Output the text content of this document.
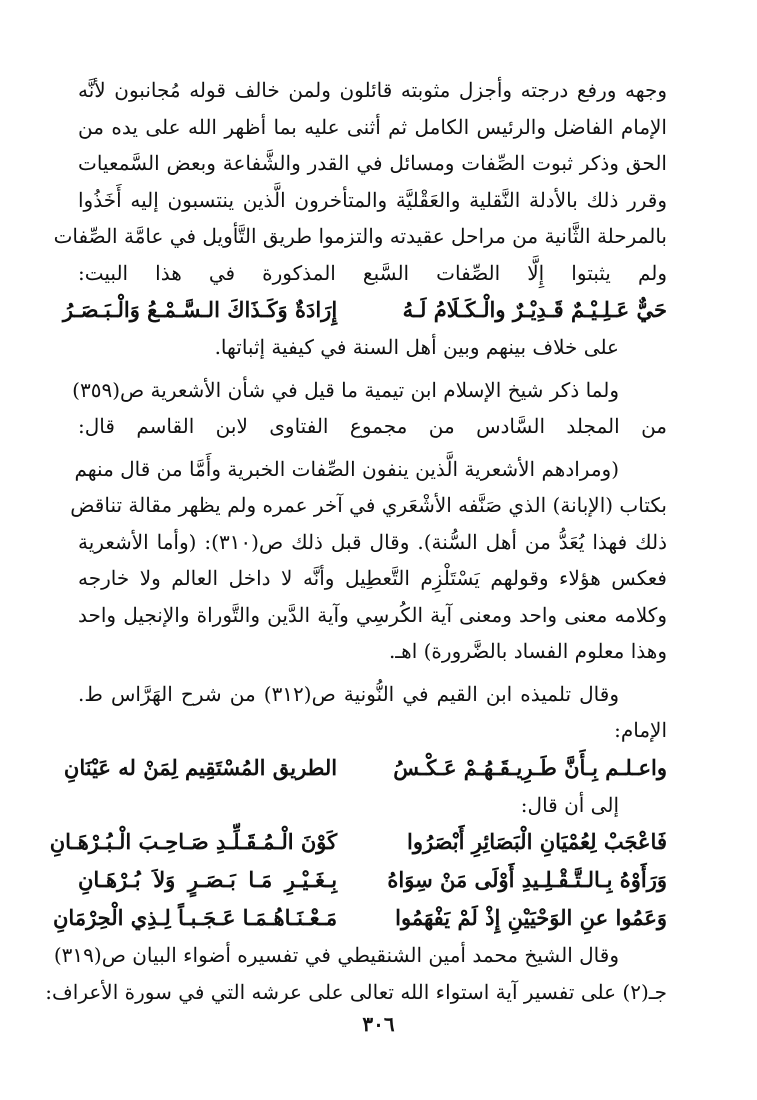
وجهه ورفع درجته وأجزل مثوبته قائلون ولمن خالف قوله مُجانبون لأنَّه
الإمام الفاضل والرئيس الكامل ثم أثنى عليه بما أظهر الله على يده من
الحق وذكر ثبوت الصِّفات ومسائل في القدر والشَّفاعة وبعض السَّمعيات
وقرر ذلك بالأدلة النَّقلية والعَقْليَّة والمتأخرون الَّذين ينتسبون إليه أَخَذُوا
بالمرحلة الثَّانية من مراحل عقيدته والتزموا طريق التَّأويل في عامَّة الصِّفات
ولم يثبتوا إِلَّا الصِّفات السَّبع المذكورة في هذا البيت:
حَيٌّ عَـلِـيْـمٌ قَـدِيْـرٌ والْـكَـلَامُ لَـهُ
إِرَادَةٌ وَكَـذَاكَ الـسَّـمْـعُ وَالْـبَـصَـرُ
على خلاف بينهم وبين أهل السنة في كيفية إثباتها.
ولما ذكر شيخ الإسلام ابن تيمية ما قيل في شأن الأشعرية ص(٣٥٩)
من المجلد السَّادس من مجموع الفتاوى لابن القاسم قال:
(ومرادهم الأشعرية الَّذين ينفون الصِّفات الخبرية وأَمَّا من قال منهم
بكتاب (الإبانة) الذي صَنَّفه الأشْعَري في آخر عمره ولم يظهر مقالة تناقض
ذلك فهذا يُعَدُّ من أهل السُّنة). وقال قبل ذلك ص(٣١٠): (وأما الأشعرية
فعكس هؤلاء وقولهم يَسْتَلْزِم التَّعطِيل وأنَّه لا داخل العالم ولا خارجه
وكلامه معنى واحد ومعنى آية الكُرسِي وآية الدَّين والتَّوراة والإنجيل واحد
وهذا معلوم الفساد بالضَّرورة) اهـ.
وقال تلميذه ابن القيم في النُّونية ص(٣١٢) من شرح الهَرَّاس ط.
الإمام:
واعـلـم بِـأَنَّ طَـرِيـقَـهُـمْ عَـكْـسُ
الطريق المُسْتَقِيم لِمَنْ له عَيْنَانِ
إلى أن قال:
فَاعْجَبْ لِعُمْيَانِ الْبَصَائِرِ أَبْصَرُوا
كَوْنَ الْـمُـقَـلِّـدِ صَـاحِـبَ الْـبُـرْهَـانِ
وَرَأَوْهُ بِـالـتَّـقْـلِـيدِ أَوْلَى مَنْ سِوَاهُ
بِـغَـيْـرِ مَـا بَـصَـرٍ وَلاَ بُـرْهَـانِ
وَعَمُوا عنِ الوَحْيَيْنِ إِذْ لَمْ يَفْهَمُوا
مَـعْـنَـاهُـمَـا عَـجَـبـاً لِـذِي الْحِرْمَانِ
وقال الشيخ محمد أمين الشنقيطي في تفسيره أضواء البيان ص(٣١٩)
جـ(٢) على تفسير آية استواء الله تعالى على عرشه التي في سورة الأعراف:
٣٠٦
